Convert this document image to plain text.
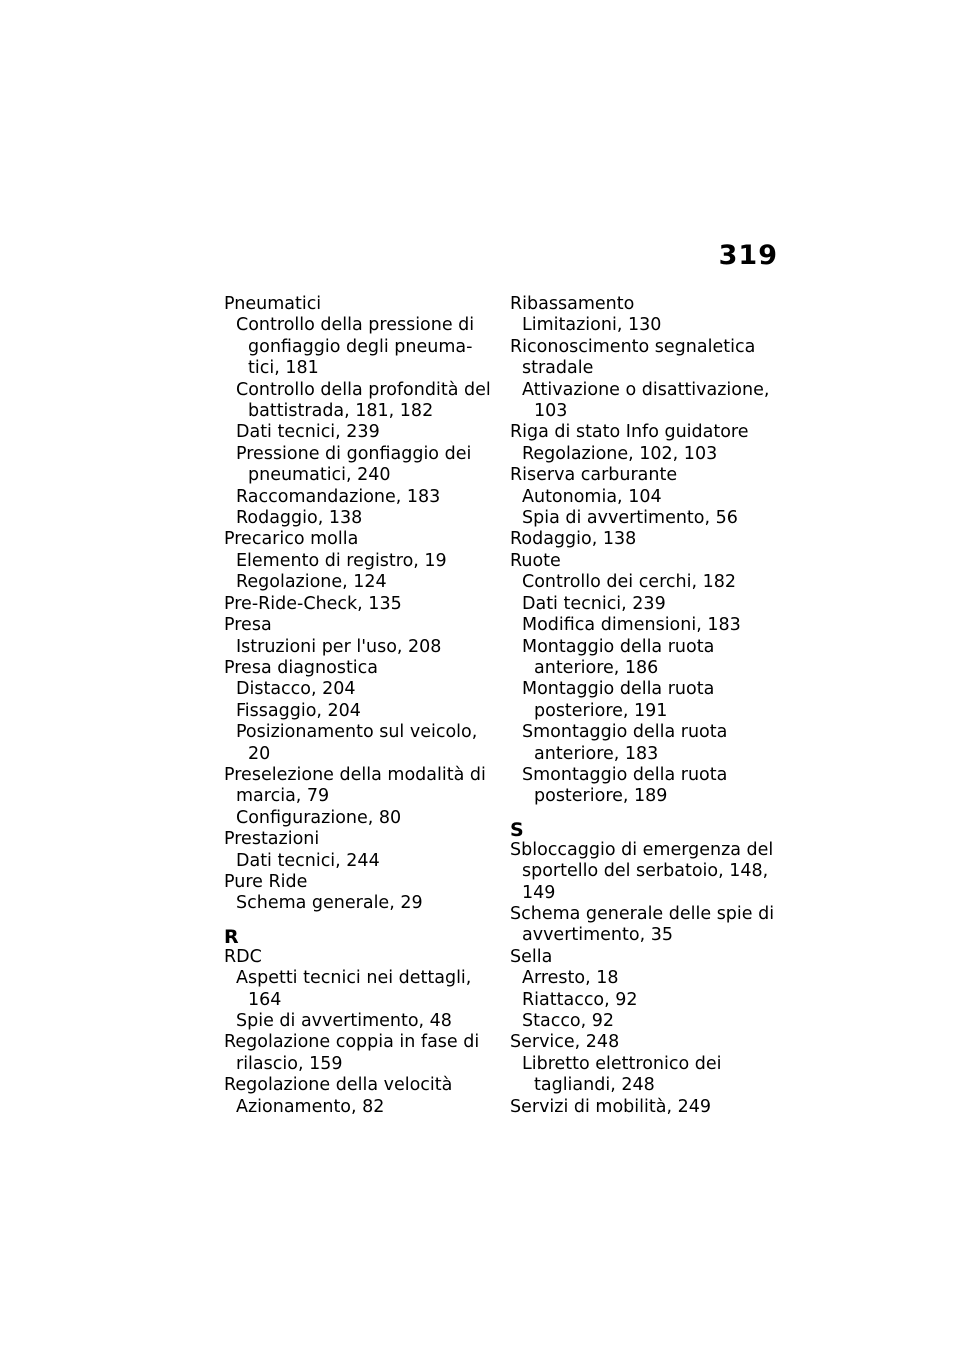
319
Pneumatici
Controllo della pressione di gonfiaggio degli pneumatici, 181
Controllo della profondità del battistrada, 181, 182
Dati tecnici, 239
Pressione di gonfiaggio dei pneumatici, 240
Raccomandazione, 183
Rodaggio, 138
Precarico molla
Elemento di registro, 19
Regolazione, 124
Pre-Ride-Check, 135
Presa
Istruzioni per l'uso, 208
Presa diagnostica
Distacco, 204
Fissaggio, 204
Posizionamento sul veicolo, 20
Preselezione della modalità di marcia, 79
Configurazione, 80
Prestazioni
Dati tecnici, 244
Pure Ride
Schema generale, 29
R
RDC
Aspetti tecnici nei dettagli, 164
Spie di avvertimento, 48
Regolazione coppia in fase di rilascio, 159
Regolazione della velocità
Azionamento, 82
Ribassamento
Limitazioni, 130
Riconoscimento segnaletica stradale
Attivazione o disattivazione, 103
Riga di stato Info guidatore
Regolazione, 102, 103
Riserva carburante
Autonomia, 104
Spia di avvertimento, 56
Rodaggio, 138
Ruote
Controllo dei cerchi, 182
Dati tecnici, 239
Modifica dimensioni, 183
Montaggio della ruota anteriore, 186
Montaggio della ruota posteriore, 191
Smontaggio della ruota anteriore, 183
Smontaggio della ruota posteriore, 189
S
Sbloccaggio di emergenza del sportello del serbatoio, 148, 149
Schema generale delle spie di avvertimento, 35
Sella
Arresto, 18
Riattacco, 92
Stacco, 92
Service, 248
Libretto elettronico dei tagliandi, 248
Servizi di mobilità, 249
